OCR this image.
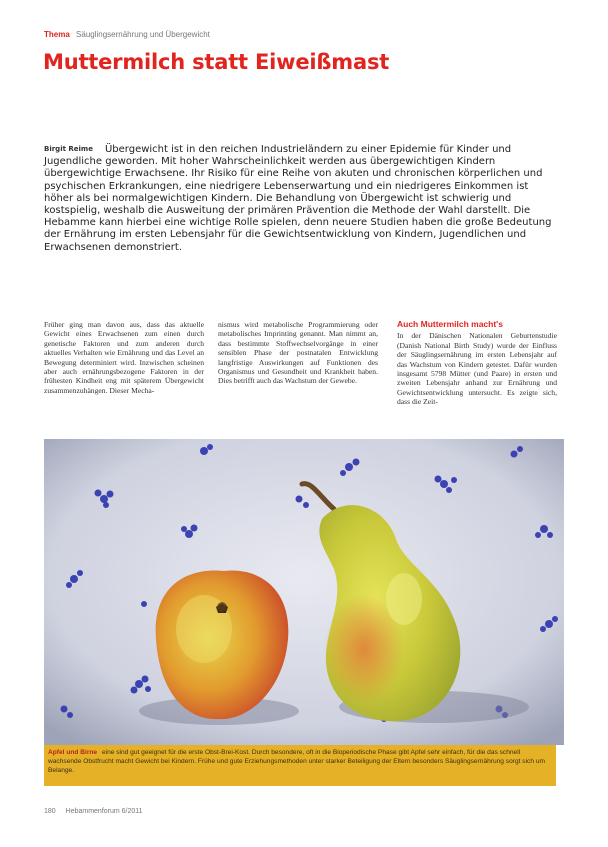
Thema Säuglingsernährung und Übergewicht
Muttermilch statt Eiweißmast

Birgit Reime Übergewicht ist in den reichen Industrieländern zu einer Epidemie für Kinder und Jugendliche geworden. Mit hoher Wahrscheinlichkeit werden aus übergewichtigen Kindern übergewichtige Erwachsene. Ihr Risiko für eine Reihe von akuten und chronischen körperlichen und psychischen Erkrankungen, eine niedrigere Lebenserwartung und ein niedrigeres Einkommen ist höher als bei normalgewichtigen Kindern. Die Behandlung von Übergewicht ist schwierig und kostspielig, weshalb die Ausweitung der primären Prävention die Methode der Wahl darstellt. Die Hebamme kann hierbei eine wichtige Rolle spielen, denn neuere Studien haben die große Bedeutung der Ernährung im ersten Lebensjahr für die Gewichtsentwicklung von Kindern, Jugendlichen und Erwachsenen demonstriert.

Früher ging man davon aus, dass das aktuelle Gewicht eines Erwachsenen zum einen durch genetische Faktoren und zum anderen durch aktuelles Verhalten wie Ernährung und das Level an Bewegung determiniert wird. Inzwischen scheinen aber auch ernährungsbezogene Faktoren in der frühesten Kindheit eng mit späterem Übergewicht zusammenzuhängen. Dieser Mecha-

nismus wird metabolische Programmierung oder metabolisches Imprinting genannt. Man nimmt an, dass bestimmte Stoffwechselvorgänge in einer sensiblen Phase der postnatalen Entwicklung langfristige Auswirkungen auf Funktionen des Organismus und Gesundheit und Krankheit haben. Dies betrifft auch das Wachstum der Gewebe.

Auch Muttermilch macht's
In der Dänischen Nationalen Geburtenstudie (Danish National Birth Study) wurde der Einfluss der Säuglingsernährung im ersten Lebensjahr auf das Wachstum von Kindern getestet. Dafür wurden insgesamt 5798 Mütter (und Paare) in ersten und zweiten Lebensjahr anhand zur Ernährung und Gewichtsentwicklung untersucht. Es zeigte sich, dass die Zeit-

Apfel und Birne eine sind gut geeignet für die erste Obst-Brei-Kost. Durch besondere, oft in die Bioperiodische Phase gibt Apfel sehr einfach, für die das schnell wachsende Obstfrucht macht Gewicht bei Kindern. Frühe und gute Erziehungsmethoden unter starker Beteiligung der Eltern besonders Säuglingsernährung sorgt sich um Belange.
180 Hebammenforum 6/2011
